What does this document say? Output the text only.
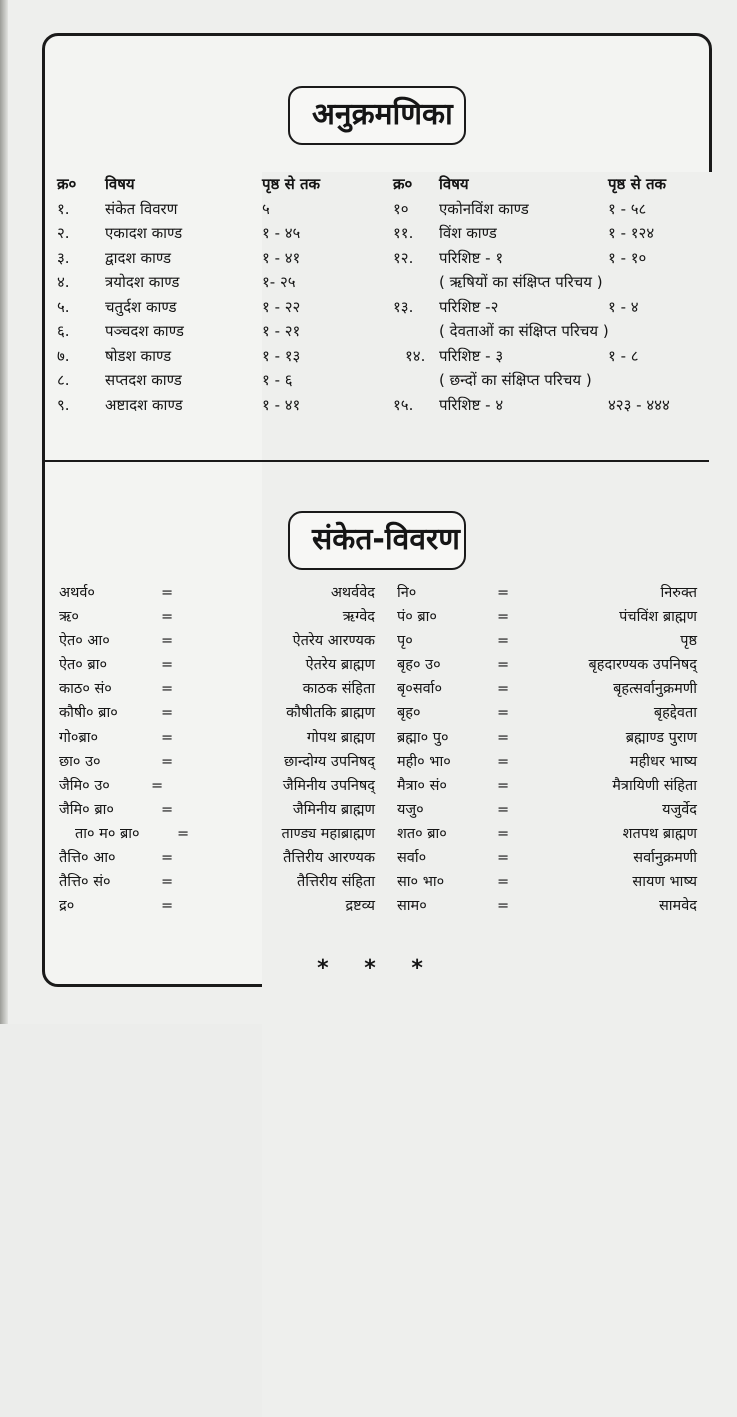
अनुक्रमणिका
क्र० विषय	पृष्ठ से तक
१. संकेत विवरण	५
२. एकादश काण्ड	१ - ४५
३. द्वादश काण्ड	१ - ४१
४. त्रयोदश काण्ड	१- २५
५. चतुर्दश काण्ड	१ - २२
६. पञ्चदश काण्ड	१ - २१
७. षोडश काण्ड	१ - १३
८. सप्तदश काण्ड	१ - ६
९. अष्टादश काण्ड	१ - ४१
क्र० विषय	पृष्ठ से तक
१० एकोनविंश काण्ड	१ - ५८
११. विंश काण्ड	१ - १२४
१२. परिशिष्ट - १	१ - १०
( ऋषियों का संक्षिप्त परिचय )
१३. परिशिष्ट -२	१ - ४
( देवताओं का संक्षिप्त परिचय )
१४. परिशिष्ट - ३	१ - ८
( छन्दों का संक्षिप्त परिचय )
१५. परिशिष्ट - ४	४२३ - ४४४
संकेत-विवरण
अथर्व०	=	अथर्ववेद
ऋ०	=	ऋग्वेद
ऐत० आ०	=	ऐतरेय आरण्यक
ऐत० ब्रा०	=	ऐतरेय ब्राह्मण
काठ० सं०	=	काठक संहिता
कौषी० ब्रा०	=	कौषीतकि ब्राह्मण
गो०ब्रा०	=	गोपथ ब्राह्मण
छा० उ०	=	छान्दोग्य उपनिषद्
जैमि० उ०	=	जैमिनीय उपनिषद्
जैमि० ब्रा०	=	जैमिनीय ब्राह्मण
ता० म० ब्रा०	=	ताण्ड्य महाब्राह्मण
तैत्ति० आ०	=	तैत्तिरीय आरण्यक
तैत्ति० सं०	=	तैत्तिरीय संहिता
द्र०	=	द्रष्टव्य
नि०	=	निरुक्त
पं० ब्रा०	=	पंचविंश ब्राह्मण
पृ०	=	पृष्ठ
बृह० उ०	=	बृहदारण्यक उपनिषद्
बृ०सर्वा०	=	बृहत्सर्वानुक्रमणी
बृह०	=	बृहद्देवता
ब्रह्मा० पु०	=	ब्रह्माण्ड पुराण
मही० भा०	=	महीधर भाष्य
मैत्रा० सं०	=	मैत्रायिणी संहिता
यजु०	=	यजुर्वेद
शत० ब्रा०	=	शतपथ ब्राह्मण
सर्वा०	=	सर्वानुक्रमणी
सा० भा०	=	सायण भाष्य
साम०	=	सामवेद
* * *
